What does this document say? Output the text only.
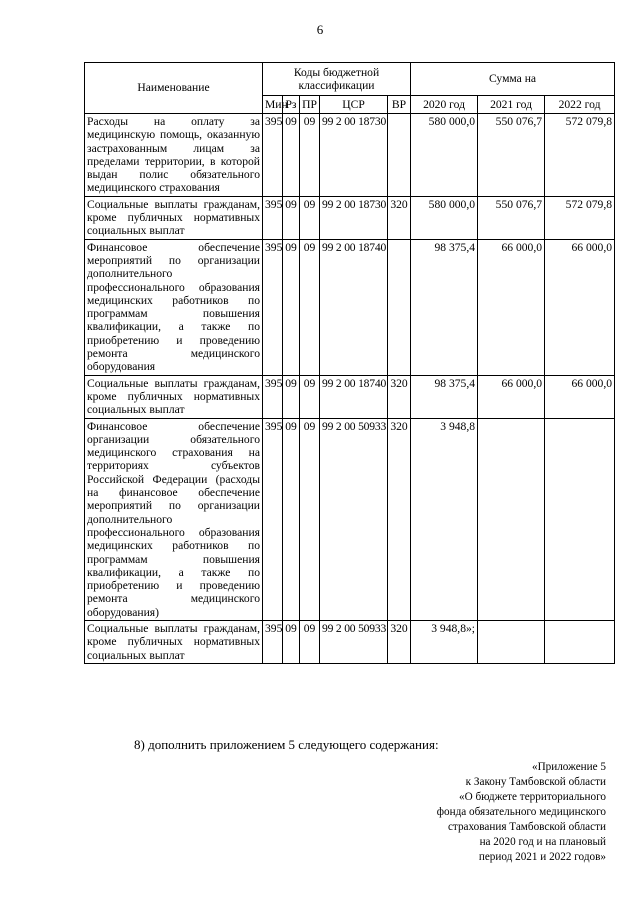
6
Наименование	Коды бюджетной классификации					Сумма на		
	Мин	Рз	ПР	ЦСР	ВР	2020 год	2021 год	2022 год
Расходы на оплату за медицинскую помощь, оказанную застрахованным лицам за пределами территории, в которой выдан полис обязательного медицинского страхования	395	09	09	99 2 00 18730		580 000,0	550 076,7	572 079,8
Социальные выплаты гражданам, кроме публичных нормативных социальных выплат	395	09	09	99 2 00 18730	320	580 000,0	550 076,7	572 079,8
Финансовое обеспечение мероприятий по организации дополнительного профессионального образования медицинских работников по программам повышения квалификации, а также по приобретению и проведению ремонта медицинского оборудования	395	09	09	99 2 00 18740		98 375,4	66 000,0	66 000,0
Социальные выплаты гражданам, кроме публичных нормативных социальных выплат	395	09	09	99 2 00 18740	320	98 375,4	66 000,0	66 000,0
Финансовое обеспечение организации обязательного медицинского страхования на территориях субъектов Российской Федерации (расходы на финансовое обеспечение мероприятий по организации дополнительного профессионального образования медицинских работников по программам повышения квалификации, а также по приобретению и проведению ремонта медицинского оборудования)	395	09	09	99 2 00 50933	320	3 948,8		
Социальные выплаты гражданам, кроме публичных нормативных социальных выплат	395	09	09	99 2 00 50933	320	3 948,8»;		
8) дополнить приложением 5 следующего содержания:
«Приложение 5
к Закону Тамбовской области
«О бюджете территориального
фонда обязательного медицинского
страхования Тамбовской области
на 2020 год и на плановый
период 2021 и 2022 годов»
